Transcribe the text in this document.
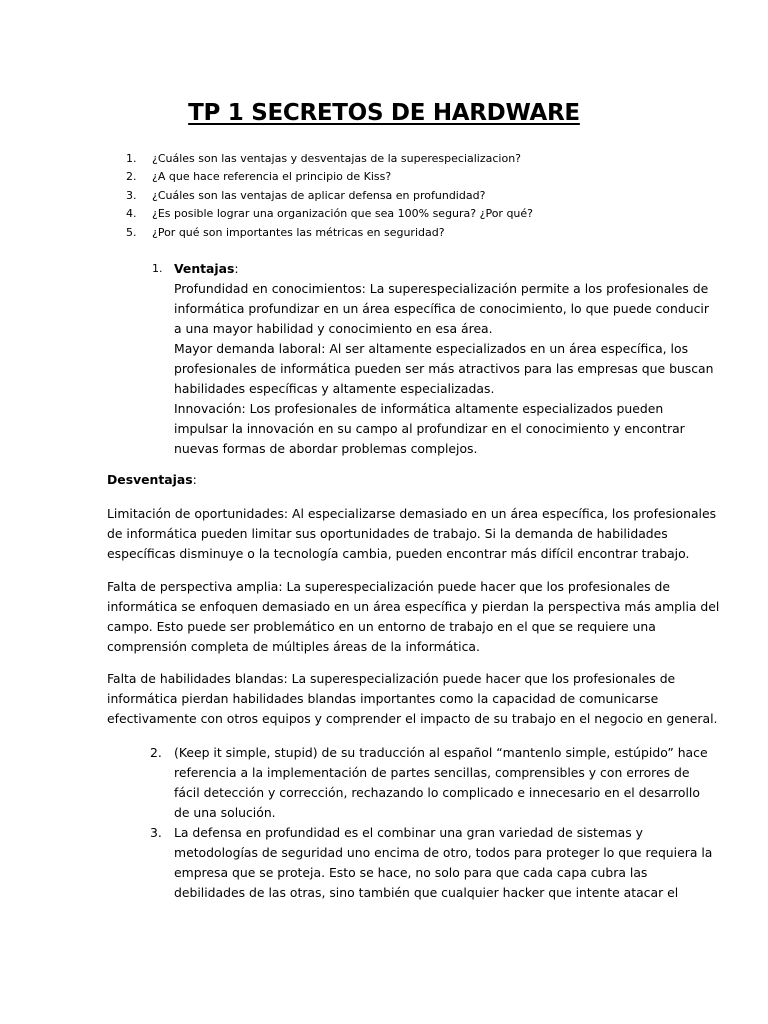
TP 1 SECRETOS DE HARDWARE
1. ¿Cuáles son las ventajas y desventajas de la superespecializacion?
2. ¿A que hace referencia el principio de Kiss?
3. ¿Cuáles son las ventajas de aplicar defensa en profundidad?
4. ¿Es posible lograr una organización que sea 100% segura? ¿Por qué?
5. ¿Por qué son importantes las métricas en seguridad?
1. Ventajas:
Profundidad en conocimientos: La superespecialización permite a los profesionales de
informática profundizar en un área específica de conocimiento, lo que puede conducir
a una mayor habilidad y conocimiento en esa área.
Mayor demanda laboral: Al ser altamente especializados en un área específica, los
profesionales de informática pueden ser más atractivos para las empresas que buscan
habilidades específicas y altamente especializadas.
Innovación: Los profesionales de informática altamente especializados pueden
impulsar la innovación en su campo al profundizar en el conocimiento y encontrar
nuevas formas de abordar problemas complejos.
Desventajas:
Limitación de oportunidades: Al especializarse demasiado en un área específica, los profesionales
de informática pueden limitar sus oportunidades de trabajo. Si la demanda de habilidades
específicas disminuye o la tecnología cambia, pueden encontrar más difícil encontrar trabajo.
Falta de perspectiva amplia: La superespecialización puede hacer que los profesionales de
informática se enfoquen demasiado en un área específica y pierdan la perspectiva más amplia del
campo. Esto puede ser problemático en un entorno de trabajo en el que se requiere una
comprensión completa de múltiples áreas de la informática.
Falta de habilidades blandas: La superespecialización puede hacer que los profesionales de
informática pierdan habilidades blandas importantes como la capacidad de comunicarse
efectivamente con otros equipos y comprender el impacto de su trabajo en el negocio en general.
2. (Keep it simple, stupid) de su traducción al español “mantenlo simple, estúpido” hace
referencia a la implementación de partes sencillas, comprensibles y con errores de
fácil detección y corrección, rechazando lo complicado e innecesario en el desarrollo
de una solución.
3. La defensa en profundidad es el combinar una gran variedad de sistemas y
metodologías de seguridad uno encima de otro, todos para proteger lo que requiera la
empresa que se proteja. Esto se hace, no solo para que cada capa cubra las
debilidades de las otras, sino también que cualquier hacker que intente atacar el
